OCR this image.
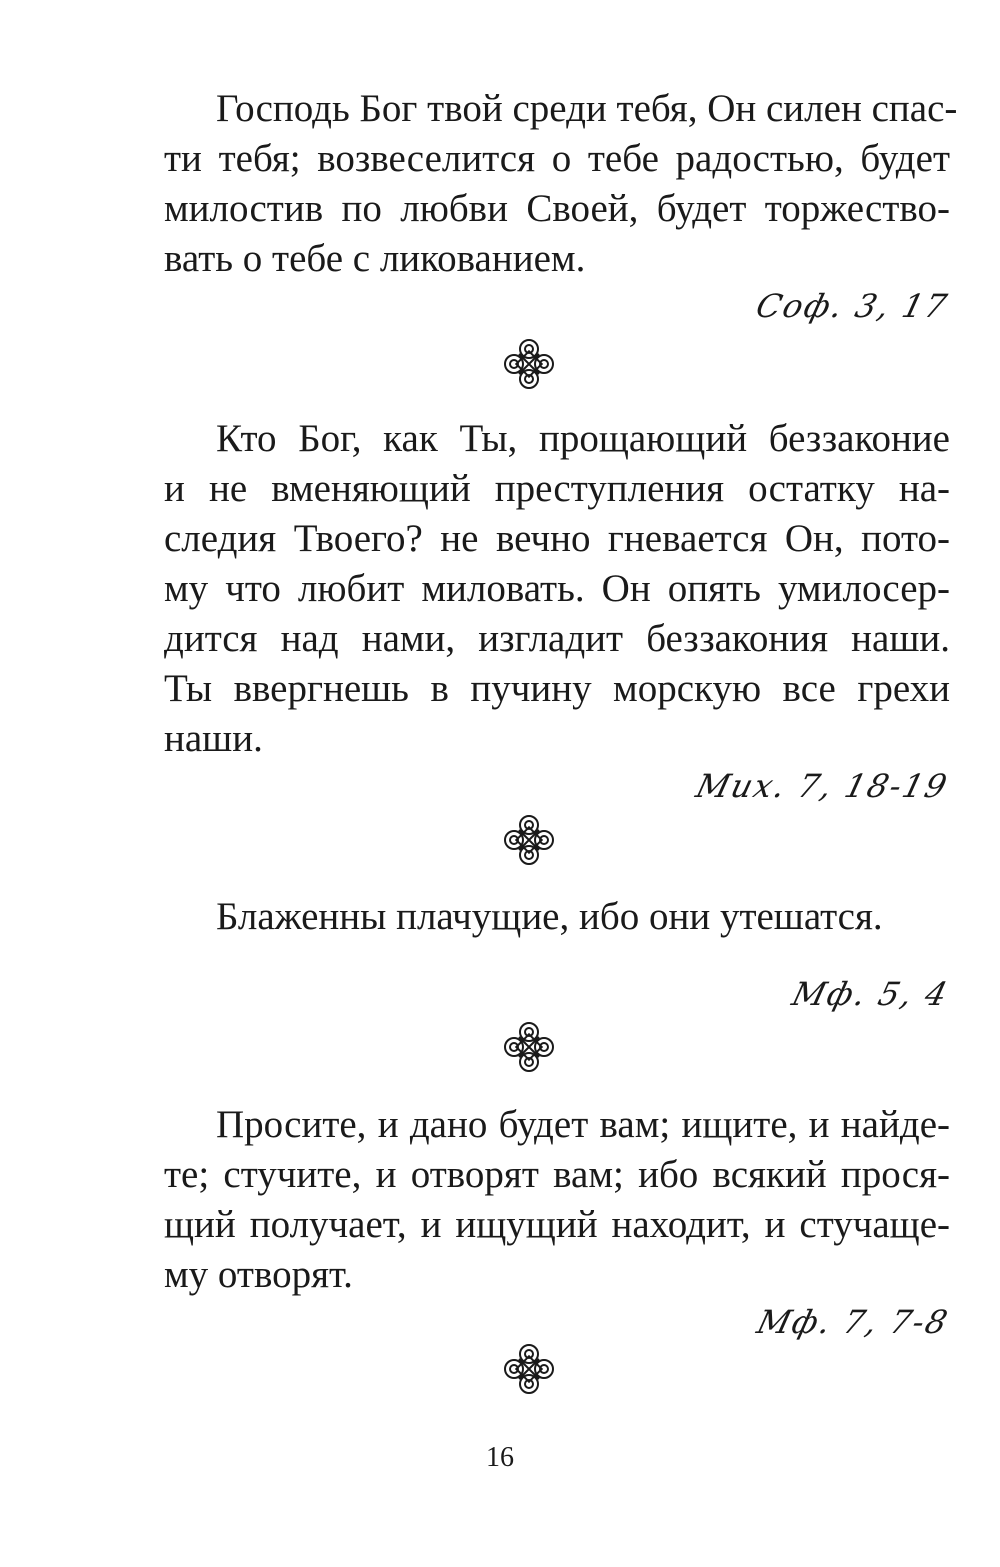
Господь Бог твой среди тебя, Он силен спас-
ти тебя; возвеселится о тебе радостью, будет
милостив по любви Своей, будет торжество-
вать о тебе с ликованием.
Соф. 3, 17
Кто Бог, как Ты, прощающий беззаконие
и не вменяющий преступления остатку на-
следия Твоего? не вечно гневается Он, пото-
му что любит миловать. Он опять умилосер-
дится над нами, изгладит беззакония наши.
Ты ввергнешь в пучину морскую все грехи
наши.
Мих. 7, 18-19
Блаженны плачущие, ибо они утешатся.
Мф. 5, 4
Просите, и дано будет вам; ищите, и найде-
те; стучите, и отворят вам; ибо всякий прося-
щий получает, и ищущий находит, и стучаще-
му отворят.
Мф. 7, 7-8
16
